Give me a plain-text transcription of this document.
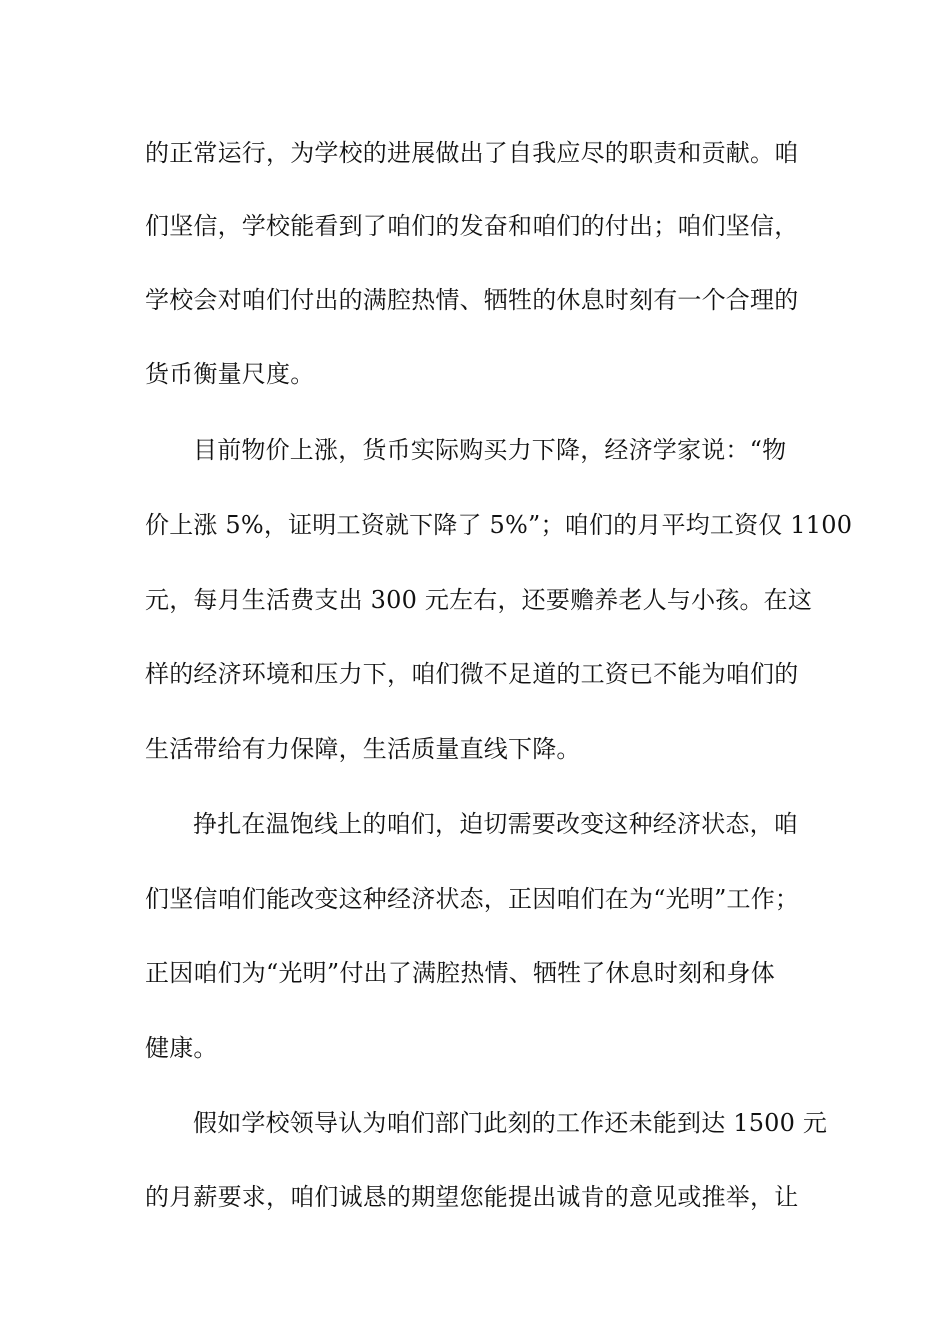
的正常运行，为学校的进展做出了自我应尽的职责和贡献。咱
们坚信，学校能看到了咱们的发奋和咱们的付出；咱们坚信，
学校会对咱们付出的满腔热情、牺牲的休息时刻有一个合理的
货币衡量尺度。
目前物价上涨，货币实际购买力下降，经济学家说：“物
价上涨 5%，证明工资就下降了 5%”；咱们的月平均工资仅 1100
元，每月生活费支出 300 元左右，还要赡养老人与小孩。在这
样的经济环境和压力下，咱们微不足道的工资已不能为咱们的
生活带给有力保障，生活质量直线下降。
挣扎在温饱线上的咱们，迫切需要改变这种经济状态，咱
们坚信咱们能改变这种经济状态，正因咱们在为“光明”工作；
正因咱们为“光明”付出了满腔热情、牺牲了休息时刻和身体
健康。
假如学校领导认为咱们部门此刻的工作还未能到达 1500 元
的月薪要求，咱们诚恳的期望您能提出诚肯的意见或推举，让
